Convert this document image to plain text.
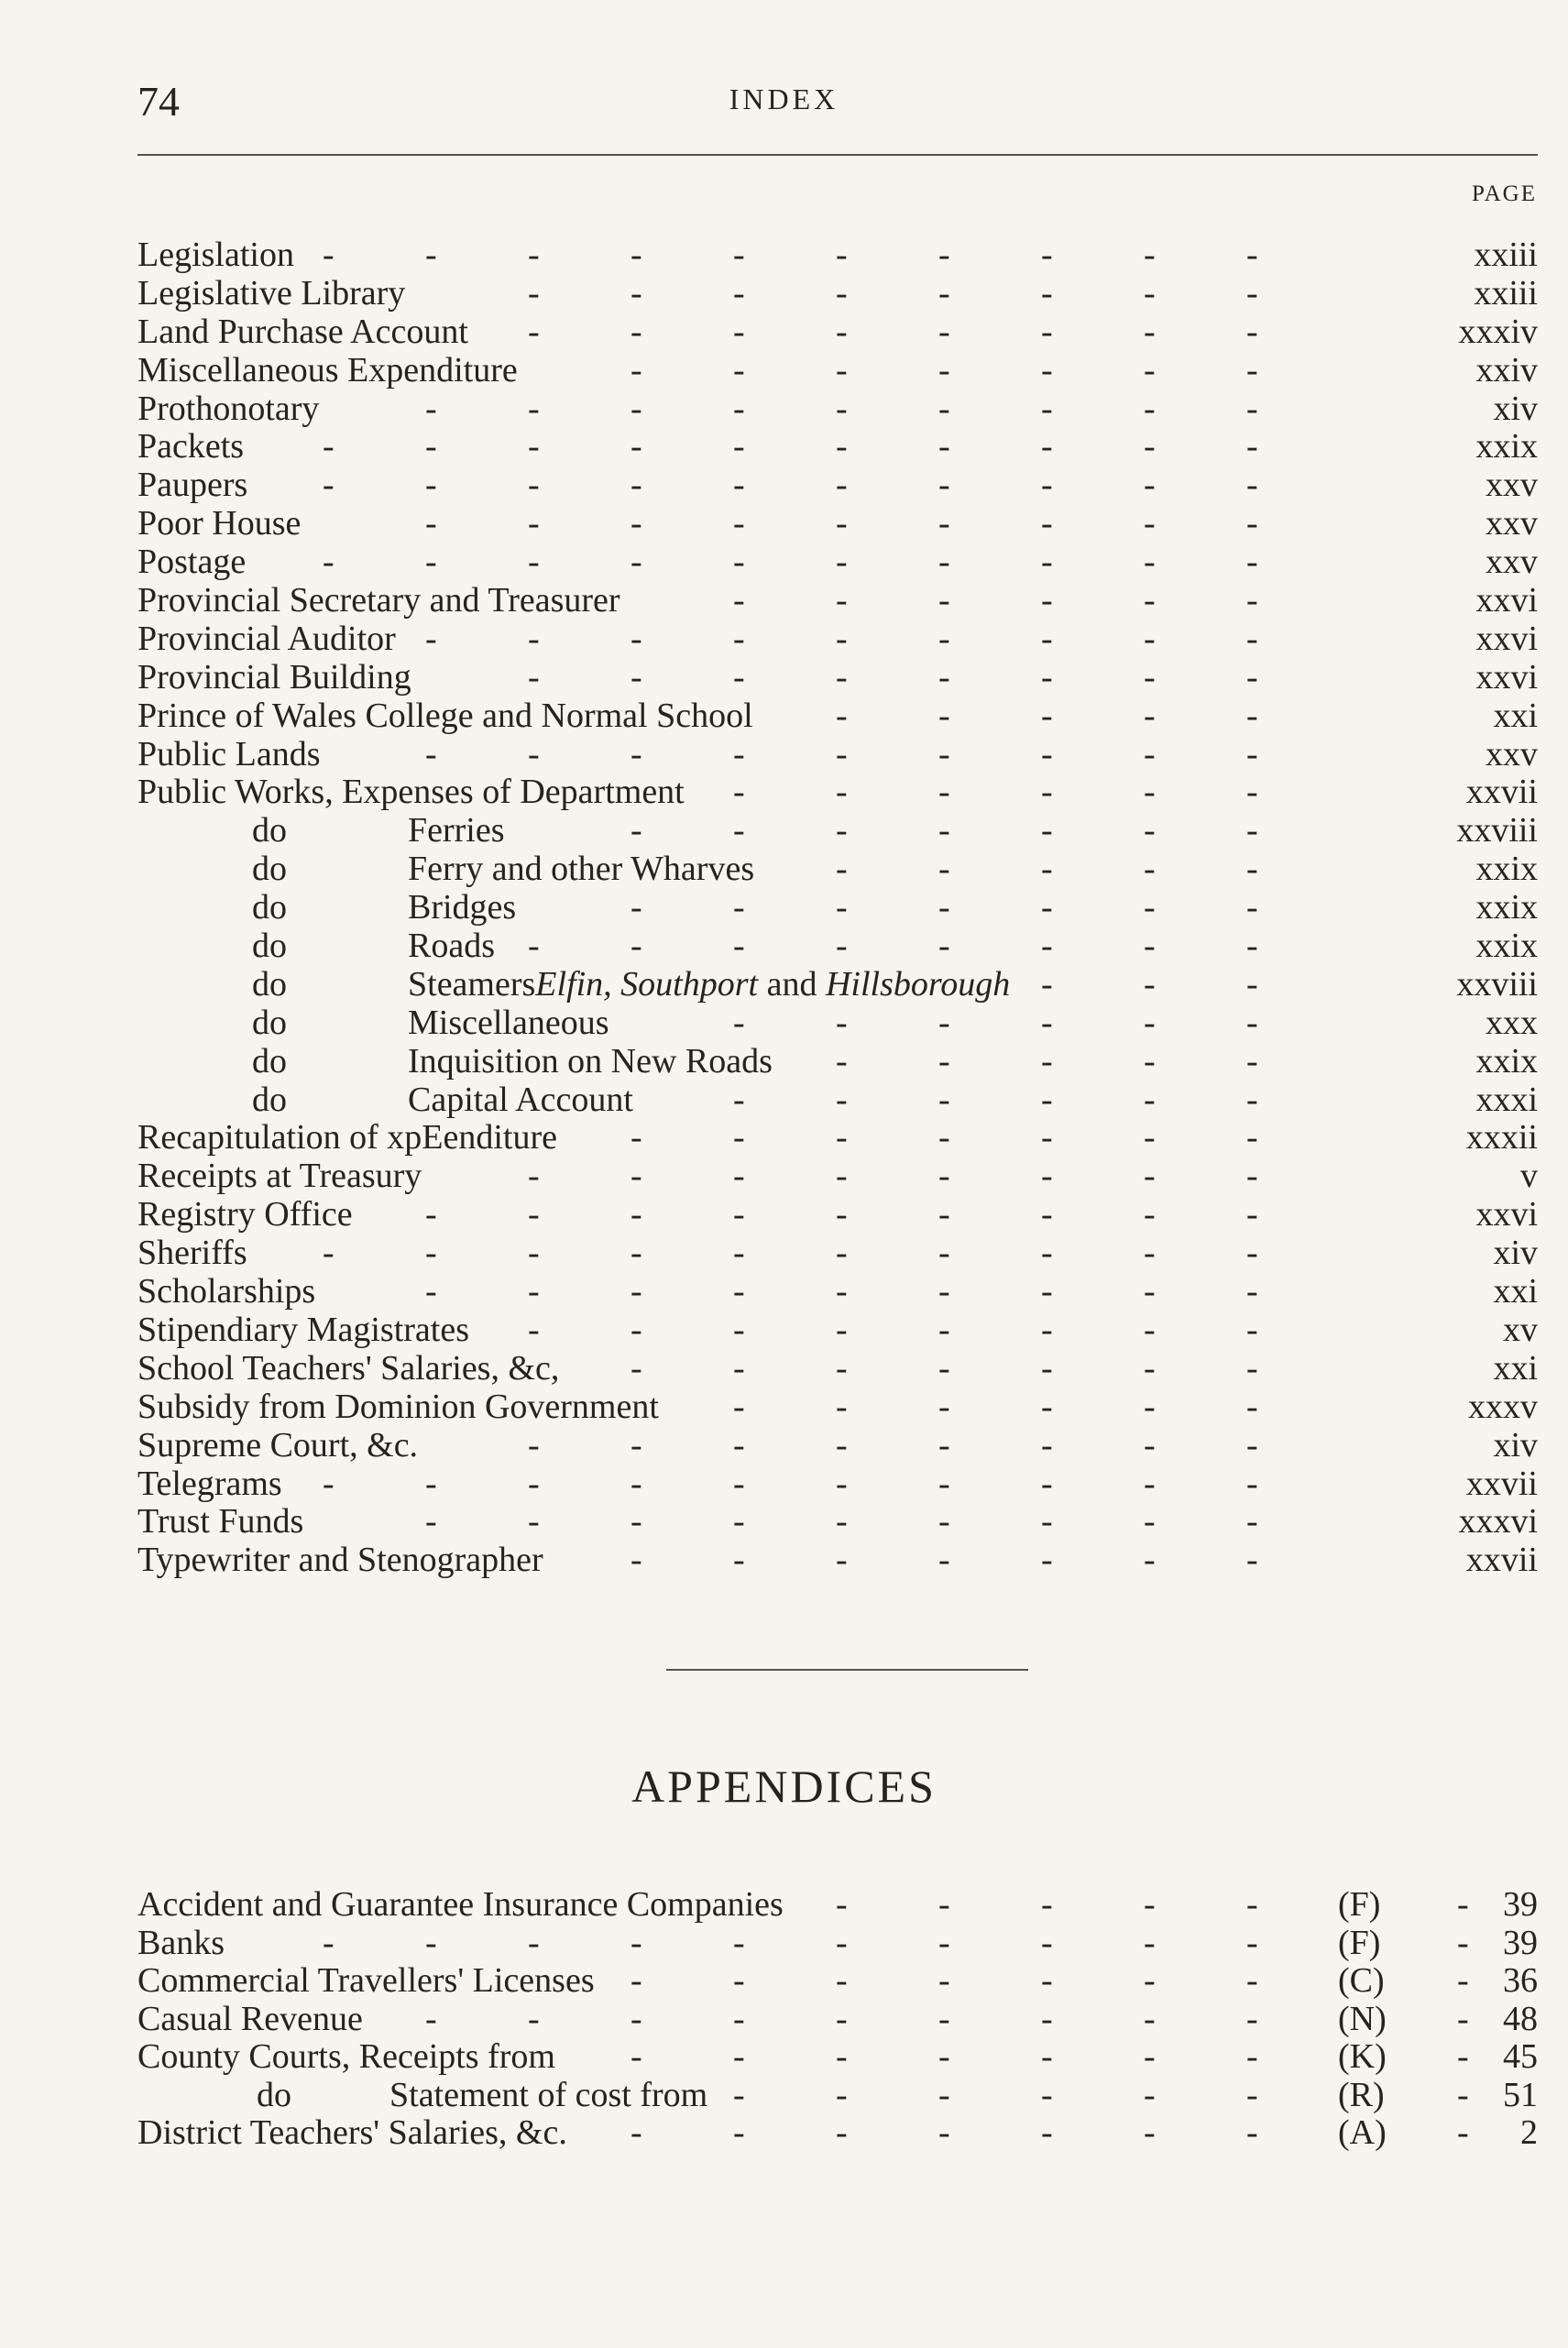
74	INDEX
PAGE
-
-
-
-
-
-
-
-
-
-
Legislation	xxiii
-
-
-
-
-
-
-
-
Legislative Library	xxiii
-
-
-
-
-
-
-
-
Land Purchase Account	xxxiv
-
-
-
-
-
-
-
Miscellaneous Expenditure	xxiv
-
-
-
-
-
-
-
-
-
Prothonotary	xiv
-
-
-
-
-
-
-
-
-
-
Packets	xxix
-
-
-
-
-
-
-
-
-
-
Paupers	xxv
-
-
-
-
-
-
-
-
-
Poor House	xxv
-
-
-
-
-
-
-
-
-
-
Postage	xxv
-
-
-
-
-
-
Provincial Secretary and Treasurer	xxvi
-
-
-
-
-
-
-
-
-
Provincial Auditor	xxvi
-
-
-
-
-
-
-
-
Provincial Building	xxvi
-
-
-
-
-
Prince of Wales College and Normal School	xxi
-
-
-
-
-
-
-
-
-
Public Lands	xxv
-
-
-
-
-
-
Public Works, Expenses of Department	xxvii
-
-
-
-
-
-
-
do	Ferries	xxviii
-
-
-
-
-
do	Ferry and other Wharves	xxix
-
-
-
-
-
-
-
do	Bridges	xxix
-
-
-
-
-
-
-
-
do	Roads	xxix
-
-
-
do	SteamersElfin, Southport and Hillsborough	xxviii
-
-
-
-
-
-
do	Miscellaneous	xxx
-
-
-
-
-
do	Inquisition on New Roads	xxix
-
-
-
-
-
-
do	Capital Account	xxxi
-
-
-
-
-
-
-
Recapitulation of xpEenditure	xxxii
-
-
-
-
-
-
-
-
Receipts at Treasury	v
-
-
-
-
-
-
-
-
-
Registry Office	xxvi
-
-
-
-
-
-
-
-
-
-
Sheriffs	xiv
-
-
-
-
-
-
-
-
-
Scholarships	xxi
-
-
-
-
-
-
-
-
Stipendiary Magistrates	xv
-
-
-
-
-
-
-
School Teachers' Salaries, &c,	xxi
-
-
-
-
-
-
Subsidy from Dominion Government	xxxv
-
-
-
-
-
-
-
-
Supreme Court, &c.	xiv
-
-
-
-
-
-
-
-
-
-
Telegrams	xxvii
-
-
-
-
-
-
-
-
-
Trust Funds	xxxvi
-
-
-
-
-
-
-
Typewriter and Stenographer	xxvii
APPENDICES
-
-
-
-
-
Accident and Guarantee Insurance Companies	(F) - 39
-
-
-
-
-
-
-
-
-
-
Banks	(F) - 39
-
-
-
-
-
-
-
Commercial Travellers' Licenses	(C) - 36
-
-
-
-
-
-
-
-
-
Casual Revenue	(N) - 48
-
-
-
-
-
-
-
County Courts, Receipts from	(K) - 45
-
-
-
-
-
-
do	Statement of cost from	(R) - 51
-
-
-
-
-
-
-
District Teachers' Salaries, &c.	(A) - 2
